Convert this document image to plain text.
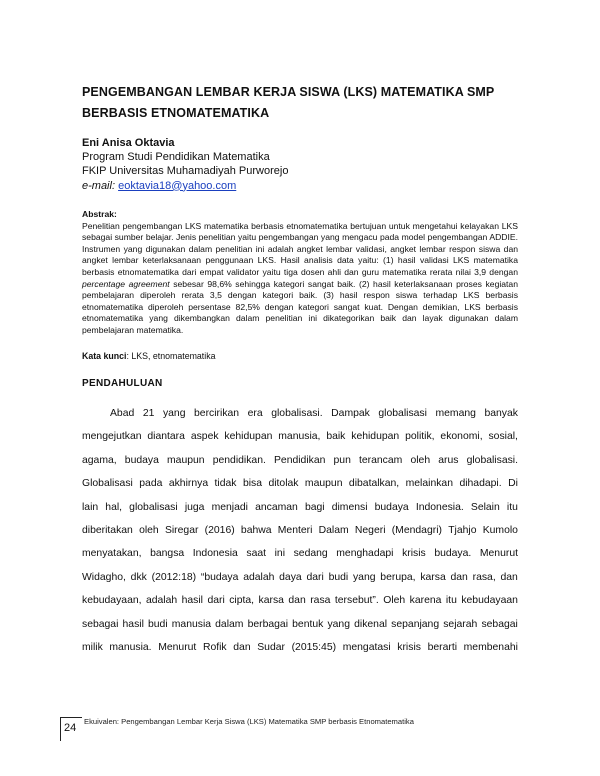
PENGEMBANGAN LEMBAR KERJA SISWA (LKS) MATEMATIKA SMP BERBASIS ETNOMATEMATIKA
Eni Anisa Oktavia
Program Studi Pendidikan Matematika
FKIP Universitas Muhamadiyah Purworejo
e-mail: eoktavia18@yahoo.com
Abstrak:
Penelitian pengembangan LKS matematika berbasis etnomatematika bertujuan untuk mengetahui kelayakan LKS sebagai sumber belajar. Jenis penelitian yaitu pengembangan yang mengacu pada model pengembangan ADDIE. Instrumen yang digunakan dalam penelitian ini adalah angket lembar validasi, angket lembar respon siswa dan angket lembar keterlaksanaan penggunaan LKS. Hasil analisis data yaitu: (1) hasil validasi LKS matematika berbasis etnomatematika dari empat validator yaitu tiga dosen ahli dan guru matematika rerata nilai 3,9 dengan percentage agreement sebesar 98,6% sehingga kategori sangat baik. (2) hasil keterlaksanaan proses kegiatan pembelajaran diperoleh rerata 3,5 dengan kategori baik. (3) hasil respon siswa terhadap LKS berbasis etnomatematika diperoleh persentase 82,5% dengan kategori sangat kuat. Dengan demikian, LKS berbasis etnomatematika yang dikembangkan dalam penelitian ini dikategorikan baik dan layak digunakan dalam pembelajaran matematika.
Kata kunci: LKS, etnomatematika
PENDAHULUAN
Abad 21 yang bercirikan era globalisasi. Dampak globalisasi memang banyak
mengejutkan diantara aspek kehidupan manusia, baik kehidupan politik, ekonomi, sosial,
agama, budaya maupun pendidikan. Pendidikan pun terancam oleh arus globalisasi.
Globalisasi pada akhirnya tidak bisa ditolak maupun dibatalkan, melainkan dihadapi. Di
lain hal, globalisasi juga menjadi ancaman bagi dimensi budaya Indonesia. Selain itu
diberitakan oleh Siregar (2016) bahwa Menteri Dalam Negeri (Mendagri) Tjahjo Kumolo
menyatakan, bangsa Indonesia saat ini sedang menghadapi krisis budaya. Menurut
Widagho, dkk (2012:18) “budaya adalah daya dari budi yang berupa, karsa dan rasa, dan
kebudayaan, adalah hasil dari cipta, karsa dan rasa tersebut”. Oleh karena itu kebudayaan
sebagai hasil budi manusia dalam berbagai bentuk yang dikenal sepanjang sejarah sebagai
milik manusia. Menurut Rofik dan Sudar (2015:45) mengatasi krisis berarti membenahi
24
Ekuivalen: Pengembangan Lembar Kerja Siswa (LKS) Matematika SMP berbasis Etnomatematika
